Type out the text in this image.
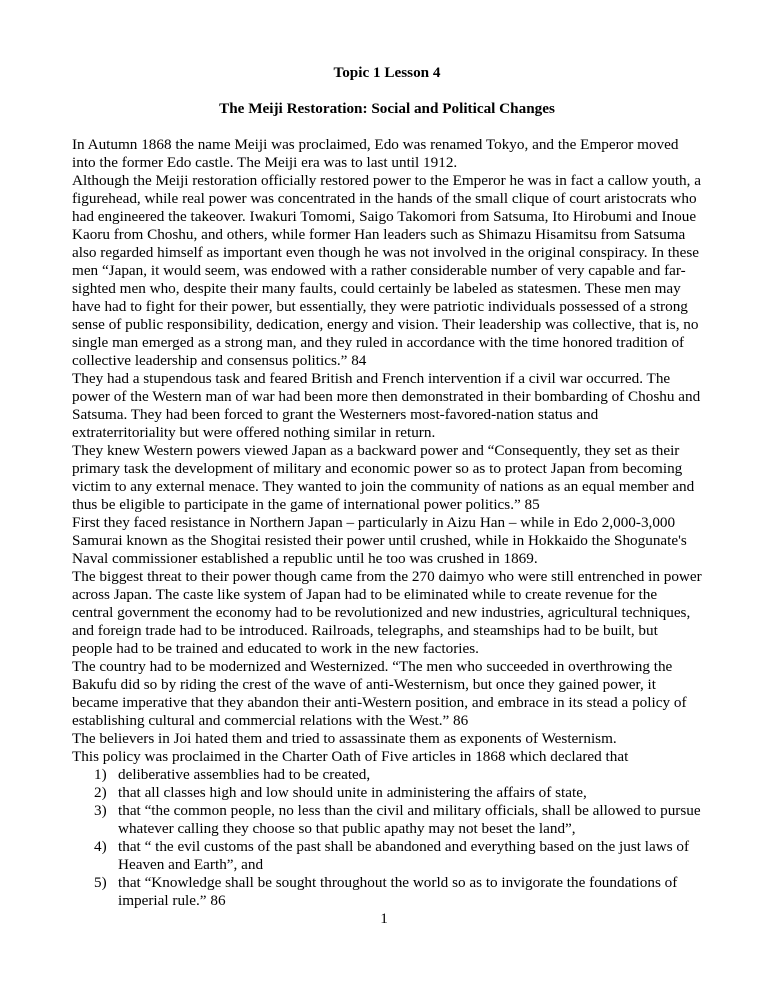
Topic 1 Lesson 4

The Meiji Restoration: Social and Political Changes

In Autumn 1868 the name Meiji was proclaimed, Edo was renamed Tokyo, and the Emperor moved into the former Edo castle. The Meiji era was to last until 1912.

Although the Meiji restoration officially restored power to the Emperor he was in fact a callow youth, a figurehead, while real power was concentrated in the hands of the small clique of court aristocrats who had engineered the takeover. Iwakuri Tomomi, Saigo Takomori from Satsuma, Ito Hirobumi and Inoue Kaoru from Choshu, and others, while former Han leaders such as Shimazu Hisamitsu from Satsuma also regarded himself as important even though he was not involved in the original conspiracy. In these men “Japan, it would seem, was endowed with a rather considerable number of very capable and far-sighted men who, despite their many faults, could certainly be labeled as statesmen. These men may have had to fight for their power, but essentially, they were patriotic individuals possessed of a strong sense of public responsibility, dedication, energy and vision. Their leadership was collective, that is, no single man emerged as a strong man, and they ruled in accordance with the time honored tradition of collective leadership and consensus politics.” 84

They had a stupendous task and feared British and French intervention if a civil war occurred. The power of the Western man of war had been more then demonstrated in their bombarding of Choshu and Satsuma. They had been forced to grant the Westerners most-favored-nation status and extraterritoriality but were offered nothing similar in return.

They knew Western powers viewed Japan as a backward power and “Consequently, they set as their primary task the development of military and economic power so as to protect Japan from becoming victim to any external menace. They wanted to join the community of nations as an equal member and thus be eligible to participate in the game of international power politics.” 85

First they faced resistance in Northern Japan – particularly in Aizu Han – while in Edo 2,000-3,000 Samurai known as the Shogitai resisted their power until crushed, while in Hokkaido the Shogunate's Naval commissioner established a republic until he too was crushed in 1869.

The biggest threat to their power though came from the 270 daimyo who were still entrenched in power across Japan. The caste like system of Japan had to be eliminated while to create revenue for the central government the economy had to be revolutionized and new industries, agricultural techniques, and foreign trade had to be introduced. Railroads, telegraphs, and steamships had to be built, but people had to be trained and educated to work in the new factories.

The country had to be modernized and Westernized. “The men who succeeded in overthrowing the Bakufu did so by riding the crest of the wave of anti-Westernism, but once they gained power, it became imperative that they abandon their anti-Western position, and embrace in its stead a policy of establishing cultural and commercial relations with the West.” 86

The believers in Joi hated them and tried to assassinate them as exponents of Westernism.

This policy was proclaimed in the Charter Oath of Five articles in 1868 which declared that

1) deliberative assemblies had to be created,
2) that all classes high and low should unite in administering the affairs of state,
3) that “the common people, no less than the civil and military officials, shall be allowed to pursue whatever calling they choose so that public apathy may not beset the land”,
4) that “ the evil customs of the past shall be abandoned and everything based on the just laws of Heaven and Earth”, and
5) that “Knowledge shall be sought throughout the world so as to invigorate the foundations of imperial rule.” 86
1
